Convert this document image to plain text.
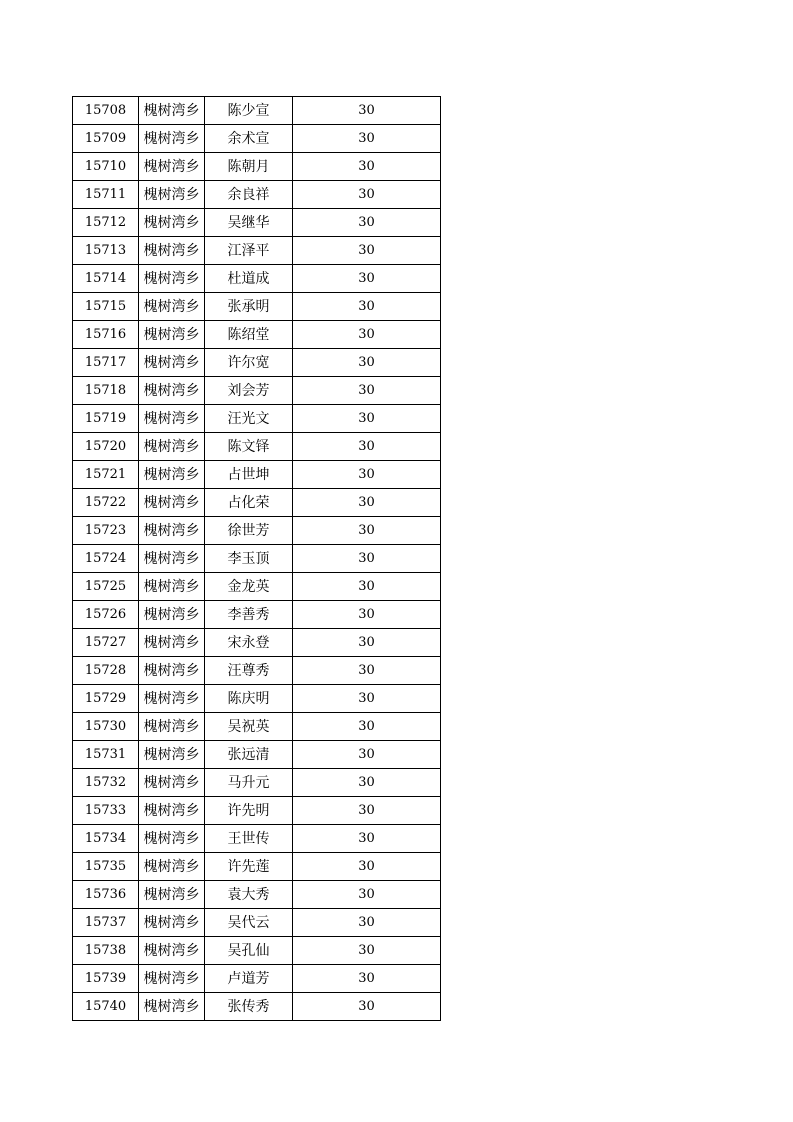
15708	槐树湾乡	陈少宣	30
15709	槐树湾乡	余术宣	30
15710	槐树湾乡	陈朝月	30
15711	槐树湾乡	余良祥	30
15712	槐树湾乡	吴继华	30
15713	槐树湾乡	江泽平	30
15714	槐树湾乡	杜道成	30
15715	槐树湾乡	张承明	30
15716	槐树湾乡	陈绍堂	30
15717	槐树湾乡	许尔宽	30
15718	槐树湾乡	刘会芳	30
15719	槐树湾乡	汪光文	30
15720	槐树湾乡	陈文铎	30
15721	槐树湾乡	占世坤	30
15722	槐树湾乡	占化荣	30
15723	槐树湾乡	徐世芳	30
15724	槐树湾乡	李玉顶	30
15725	槐树湾乡	金龙英	30
15726	槐树湾乡	李善秀	30
15727	槐树湾乡	宋永登	30
15728	槐树湾乡	汪尊秀	30
15729	槐树湾乡	陈庆明	30
15730	槐树湾乡	吴祝英	30
15731	槐树湾乡	张远清	30
15732	槐树湾乡	马升元	30
15733	槐树湾乡	许先明	30
15734	槐树湾乡	王世传	30
15735	槐树湾乡	许先莲	30
15736	槐树湾乡	袁大秀	30
15737	槐树湾乡	吴代云	30
15738	槐树湾乡	吴孔仙	30
15739	槐树湾乡	卢道芳	30
15740	槐树湾乡	张传秀	30
